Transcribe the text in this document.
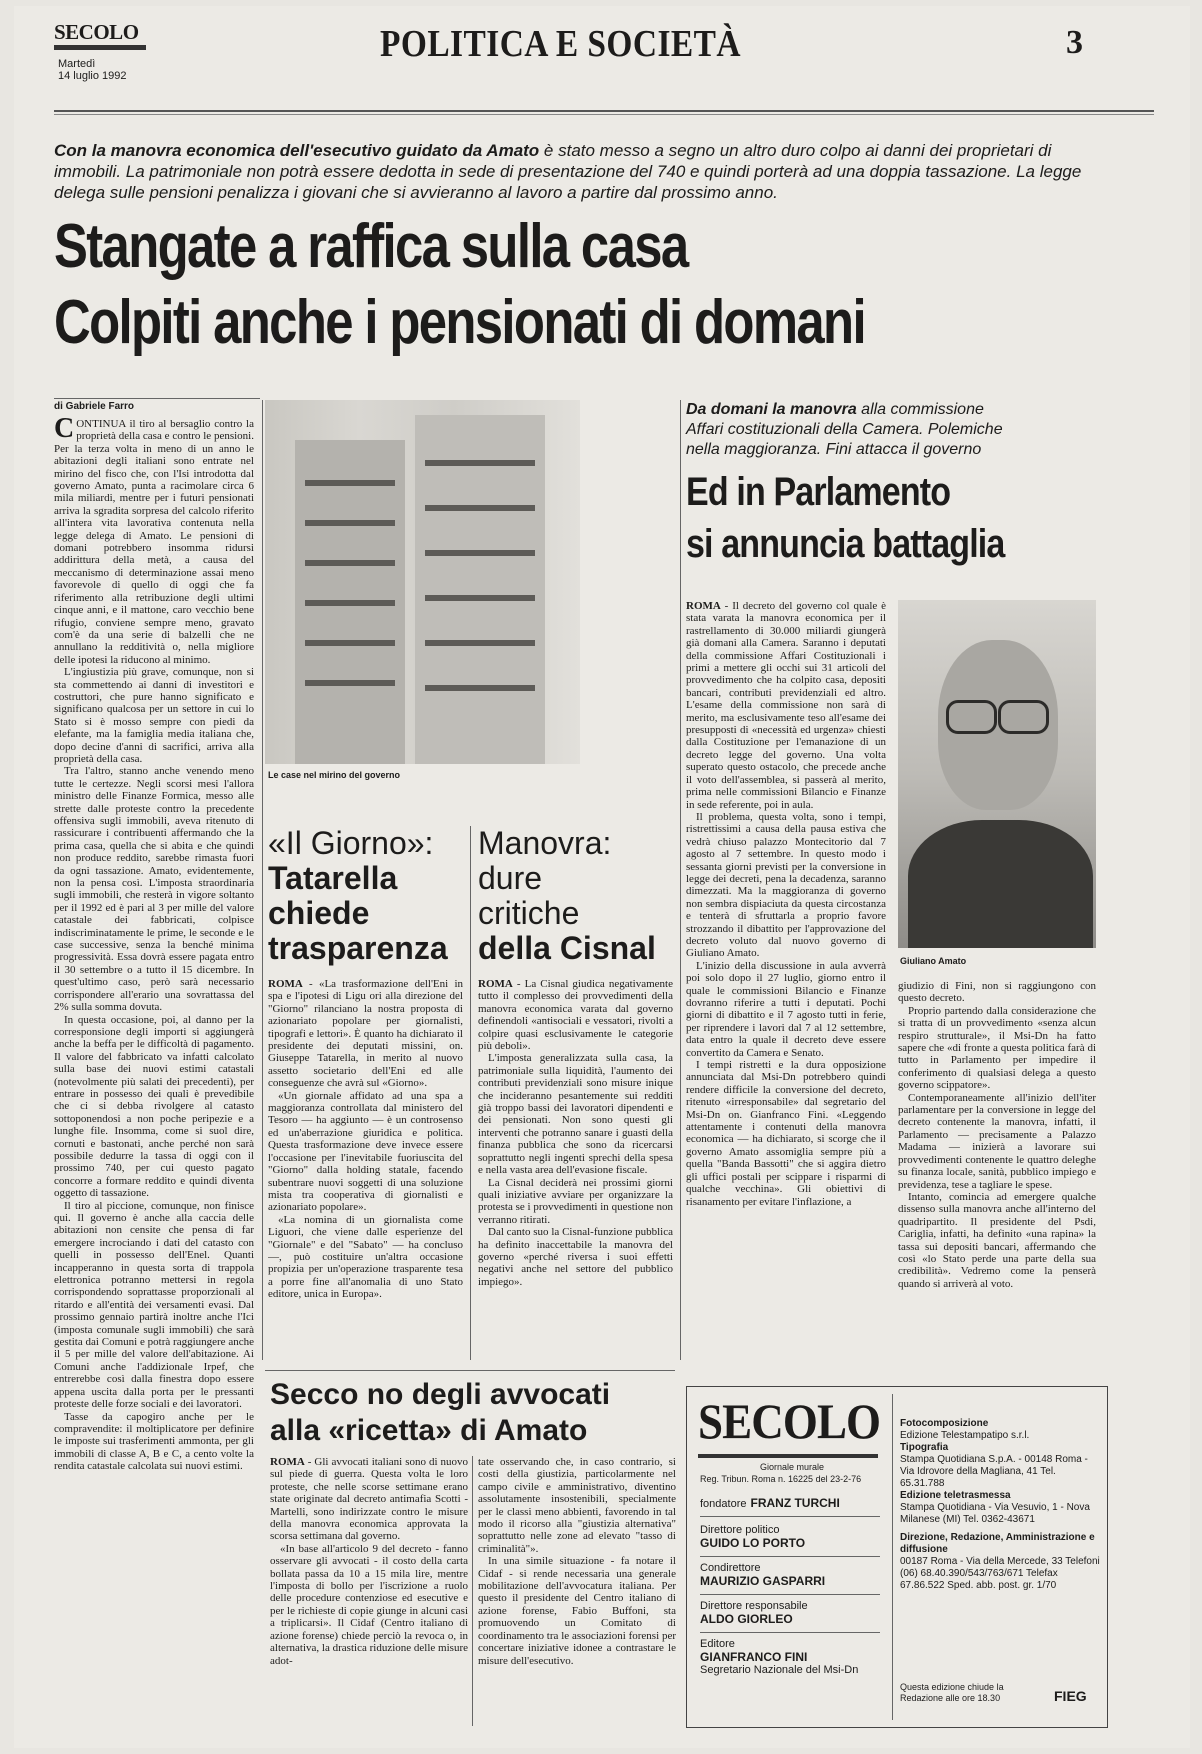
SECOLO
Martedì
14 luglio 1992
POLITICA E SOCIETÀ	3
Con la manovra economica dell'esecutivo guidato da Amato è stato messo a segno un altro duro colpo ai danni dei proprietari di immobili. La patrimoniale non potrà essere dedotta in sede di presentazione del 740 e quindi porterà ad una doppia tassazione. La legge delega sulle pensioni penalizza i giovani che si avvieranno al lavoro a partire dal prossimo anno.
Stangate a raffica sulla casa
Colpiti anche i pensionati di domani
di Gabriele Farro
C ONTINUA il tiro al bersaglio contro la proprietà della casa e contro le pensioni. Per la terza volta in meno di un anno le abitazioni degli italiani sono entrate nel mirino del fisco che, con l'Isi introdotta dal governo Amato, punta a racimolare circa 6 mila miliardi, mentre per i futuri pensionati arriva la sgradita sorpresa del calcolo riferito all'intera vita lavorativa contenuta nella legge delega di Amato. Le pensioni di domani potrebbero insomma ridursi addirittura della metà, a causa del meccanismo di determinazione assai meno favorevole di quello di oggi che fa riferimento alla retribuzione degli ultimi cinque anni, e il mattone, caro vecchio bene rifugio, conviene sempre meno, gravato com'è da una serie di balzelli che ne annullano la redditività o, nella migliore delle ipotesi la riducono al minimo.

L'ingiustizia più grave, comunque, non si sta commettendo ai danni di investitori e costruttori, che pure hanno significato e significano qualcosa per un settore in cui lo Stato si è mosso sempre con piedi da elefante, ma la famiglia media italiana che, dopo decine d'anni di sacrifici, arriva alla proprietà della casa.

Tra l'altro, stanno anche venendo meno tutte le certezze. Negli scorsi mesi l'allora ministro delle Finanze Formica, messo alle strette dalle proteste contro la precedente offensiva sugli immobili, aveva ritenuto di rassicurare i contribuenti affermando che la prima casa, quella che si abita e che quindi non produce reddito, sarebbe rimasta fuori da ogni tassazione. Amato, evidentemente, non la pensa così. L'imposta straordinaria sugli immobili, che resterà in vigore soltanto per il 1992 ed è pari al 3 per mille del valore catastale dei fabbricati, colpisce indiscriminatamente le prime, le seconde e le case successive, senza la benché minima progressività. Essa dovrà essere pagata entro il 30 settembre o a tutto il 15 dicembre. In quest'ultimo caso, però sarà necessario corrispondere all'erario una sovrattassa del 2% sulla somma dovuta.

In questa occasione, poi, al danno per la corresponsione degli importi si aggiungerà anche la beffa per le difficoltà di pagamento. Il valore del fabbricato va infatti calcolato sulla base dei nuovi estimi catastali (notevolmente più salati dei precedenti), per entrare in possesso dei quali è prevedibile che ci si debba rivolgere al catasto sottoponendosi a non poche peripezie e a lunghe file. Insomma, come si suol dire, cornuti e bastonati, anche perché non sarà possibile dedurre la tassa di oggi con il prossimo 740, per cui questo pagato concorre a formare reddito e quindi diventa oggetto di tassazione.

Il tiro al piccione, comunque, non finisce qui. Il governo è anche alla caccia delle abitazioni non censite che pensa di far emergere incrociando i dati del catasto con quelli in possesso dell'Enel. Quanti incapperanno in questa sorta di trappola elettronica potranno mettersi in regola corrispondendo soprattasse proporzionali al ritardo e all'entità dei versamenti evasi. Dal prossimo gennaio partirà inoltre anche l'Ici (imposta comunale sugli immobili) che sarà gestita dai Comuni e potrà raggiungere anche il 5 per mille del valore dell'abitazione. Ai Comuni anche l'addizionale Irpef, che entrerebbe così dalla finestra dopo essere appena uscita dalla porta per le pressanti proteste delle forze sociali e dei lavoratori.

Tasse da capogiro anche per le compravendite: il moltiplicatore per definire le imposte sui trasferimenti ammonta, per gli immobili di classe A, B e C, a cento volte la rendita catastale calcolata sui nuovi estimi.

Le case nel mirino del governo
«Il Giorno»:
Tatarella
chiede
trasparenza

ROMA - «La trasformazione dell'Eni in spa e l'ipotesi di Ligu ori alla direzione del "Giorno" rilanciano la nostra proposta di azionariato popolare per giornalisti, tipografi e lettori». È quanto ha dichiarato il presidente dei deputati missini, on. Giuseppe Tatarella, in merito al nuovo assetto societario dell'Eni ed alle conseguenze che avrà sul «Giorno».

«Un giornale affidato ad una spa a maggioranza controllata dal ministero del Tesoro — ha aggiunto — è un controsenso ed un'aberrazione giuridica e politica. Questa trasformazione deve invece essere l'occasione per l'inevitabile fuoriuscita del "Giorno" dalla holding statale, facendo subentrare nuovi soggetti di una soluzione mista tra cooperativa di giornalisti e azionariato popolare».

«La nomina di un giornalista come Liguori, che viene dalle esperienze del "Giornale" e del "Sabato" — ha concluso —, può costituire un'altra occasione propizia per un'operazione trasparente tesa a porre fine all'anomalia di uno Stato editore, unica in Europa».

Manovra:
dure
critiche
della Cisnal

ROMA - La Cisnal giudica negativamente tutto il complesso dei provvedimenti della manovra economica varata dal governo definendoli «antisociali e vessatori, rivolti a colpire quasi esclusivamente le categorie più deboli».

L'imposta generalizzata sulla casa, la patrimoniale sulla liquidità, l'aumento dei contributi previdenziali sono misure inique che incideranno pesantemente sui redditi già troppo bassi dei lavoratori dipendenti e dei pensionati. Non sono questi gli interventi che potranno sanare i guasti della finanza pubblica che sono da ricercarsi soprattutto negli ingenti sprechi della spesa e nella vasta area dell'evasione fiscale.

La Cisnal deciderà nei prossimi giorni quali iniziative avviare per organizzare la protesta se i provvedimenti in questione non verranno ritirati.

Dal canto suo la Cisnal-funzione pubblica ha definito inaccettabile la manovra del governo «perché riversa i suoi effetti negativi anche nel settore del pubblico impiego».

Da domani la manovra alla commissione Affari costituzionali della Camera. Polemiche nella maggioranza. Fini attacca il governo
Ed in Parlamento
si annuncia battaglia

ROMA - Il decreto del governo col quale è stata varata la manovra economica per il rastrellamento di 30.000 miliardi giungerà già domani alla Camera. Saranno i deputati della commissione Affari Costituzionali i primi a mettere gli occhi sui 31 articoli del provvedimento che ha colpito casa, depositi bancari, contributi previdenziali ed altro. L'esame della commissione non sarà di merito, ma esclusivamente teso all'esame dei presupposti di «necessità ed urgenza» chiesti dalla Costituzione per l'emanazione di un decreto legge del governo. Una volta superato questo ostacolo, che precede anche il voto dell'assemblea, si passerà al merito, prima nelle commissioni Bilancio e Finanze in sede referente, poi in aula.

Il problema, questa volta, sono i tempi, ristrettissimi a causa della pausa estiva che vedrà chiuso palazzo Montecitorio dal 7 agosto al 7 settembre. In questo modo i sessanta giorni previsti per la conversione in legge dei decreti, pena la decadenza, saranno dimezzati. Ma la maggioranza di governo non sembra dispiaciuta da questa circostanza e tenterà di sfruttarla a proprio favore strozzando il dibattito per l'approvazione del decreto voluto dal nuovo governo di Giuliano Amato.

L'inizio della discussione in aula avverrà poi solo dopo il 27 luglio, giorno entro il quale le commissioni Bilancio e Finanze dovranno riferire a tutti i deputati. Pochi giorni di dibattito e il 7 agosto tutti in ferie, per riprendere i lavori dal 7 al 12 settembre, data entro la quale il decreto deve essere convertito da Camera e Senato.

I tempi ristretti e la dura opposizione annunciata dal Msi-Dn potrebbero quindi rendere difficile la conversione del decreto, ritenuto «irresponsabile» dal segretario del Msi-Dn on. Gianfranco Fini. «Leggendo attentamente i contenuti della manovra economica — ha dichiarato, si scorge che il governo Amato assomiglia sempre più a quella "Banda Bassotti" che si aggira dietro gli uffici postali per scippare i risparmi di qualche vecchina». Gli obiettivi di risanamento per evitare l'inflazione, a

Giuliano Amato

giudizio di Fini, non si raggiungono con questo decreto.

Proprio partendo dalla considerazione che si tratta di un provvedimento «senza alcun respiro strutturale», il Msi-Dn ha fatto sapere che «di fronte a questa politica farà di tutto in Parlamento per impedire il conferimento di qualsiasi delega a questo governo scippatore».

Contemporaneamente all'inizio dell'iter parlamentare per la conversione in legge del decreto contenente la manovra, infatti, il Parlamento — precisamente a Palazzo Madama — inizierà a lavorare sui provvedimenti contenente le quattro deleghe su finanza locale, sanità, pubblico impiego e previdenza, tese a tagliare le spese.

Intanto, comincia ad emergere qualche dissenso sulla manovra anche all'interno del quadripartito. Il presidente del Psdi, Cariglia, infatti, ha definito «una rapina» la tassa sui depositi bancari, affermando che così «lo Stato perde una parte della sua credibilità». Vedremo come la penserà quando si arriverà al voto.

Secco no degli avvocati
alla «ricetta» di Amato

ROMA - Gli avvocati italiani sono di nuovo sul piede di guerra. Questa volta le loro proteste, che nelle scorse settimane erano state originate dal decreto antimafia Scotti - Martelli, sono indirizzate contro le misure della manovra economica approvata la scorsa settimana dal governo.

«In base all'articolo 9 del decreto - fanno osservare gli avvocati - il costo della carta bollata passa da 10 a 15 mila lire, mentre l'imposta di bollo per l'iscrizione a ruolo delle procedure contenziose ed esecutive e per le richieste di copie giunge in alcuni casi a triplicarsi». Il Cidaf (Centro italiano di azione forense) chiede perciò la revoca o, in alternativa, la drastica riduzione delle misure adot-

tate osservando che, in caso contrario, si costi della giustizia, particolarmente nel campo civile e amministrativo, diventino assolutamente insostenibili, specialmente per le classi meno abbienti, favorendo in tal modo il ricorso alla "giustizia alternativa" soprattutto nelle zone ad elevato "tasso di criminalità"».

In una simile situazione - fa notare il Cidaf - si rende necessaria una generale mobilitazione dell'avvocatura italiana. Per questo il presidente del Centro italiano di azione forense, Fabio Buffoni, sta promuovendo un Comitato di coordinamento tra le associazioni forensi per concertare iniziative idonee a contrastare le misure dell'esecutivo.

SECOLO
Giornale murale
Reg. Tribun. Roma n. 16225 del 23-2-76
fondatore FRANZ TURCHI
Direttore politico
GUIDO LO PORTO
Condirettore
MAURIZIO GASPARRI
Direttore responsabile
ALDO GIORLEO
Editore
GIANFRANCO FINI
Segretario Nazionale del Msi-Dn
Fotocomposizione
Edizione Telestampatipo s.r.l.
Tipografia
Stampa Quotidiana S.p.A. - 00148 Roma - Via Idrovore della Magliana, 41 Tel. 65.31.788
Edizione teletrasmessa
Stampa Quotidiana - Via Vesuvio, 1 - Nova Milanese (MI) Tel. 0362-43671
Direzione, Redazione, Amministrazione e diffusione
00187 Roma - Via della Mercede, 33 Telefoni (06) 68.40.390/543/763/671 Telefax 67.86.522 Sped. abb. post. gr. 1/70
Questa edizione chiude la Redazione alle ore 18.30	FIEG
